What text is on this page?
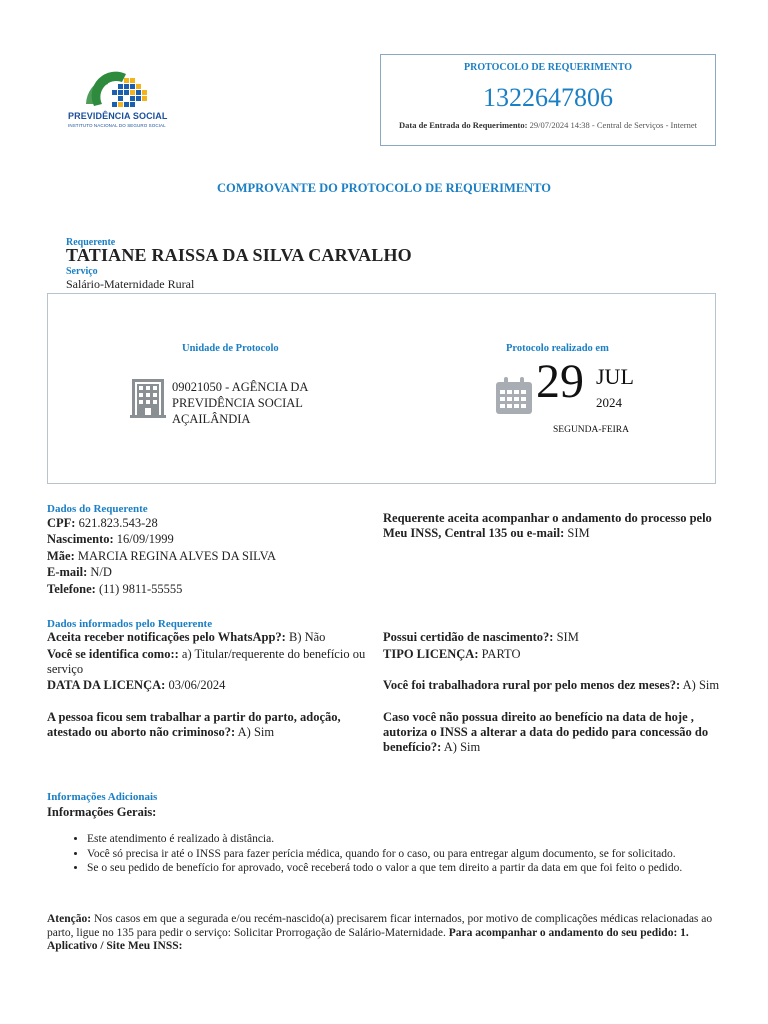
PREVIDÊNCIA SOCIAL
INSTITUTO NACIONAL DO SEGURO SOCIAL
PROTOCOLO DE REQUERIMENTO
1322647806
Data de Entrada do Requerimento: 29/07/2024 14:38 - Central de Serviços - Internet
COMPROVANTE DO PROTOCOLO DE REQUERIMENTO
Requerente
TATIANE RAISSA DA SILVA CARVALHO
Serviço
Salário-Maternidade Rural
Unidade de Protocolo
09021050 - AGÊNCIA DA PREVIDÊNCIA SOCIAL AÇAILÂNDIA
Protocolo realizado em
29 JUL
2024
SEGUNDA-FEIRA
Dados do Requerente
CPF: 621.823.543-28
Nascimento: 16/09/1999
Mãe: MARCIA REGINA ALVES DA SILVA
E-mail: N/D
Telefone: (11) 9811-55555
Requerente aceita acompanhar o andamento do processo pelo Meu INSS, Central 135 ou e-mail: SIM
Dados informados pelo Requerente
Aceita receber notificações pelo WhatsApp?: B) Não	Possui certidão de nascimento?: SIM
Você se identifica como:: a) Titular/requerente do benefício ou serviço
TIPO LICENÇA: PARTO
DATA DA LICENÇA: 03/06/2024	Você foi trabalhadora rural por pelo menos dez meses?: A) Sim
A pessoa ficou sem trabalhar a partir do parto, adoção, atestado ou aborto não criminoso?: A) Sim
Caso você não possua direito ao benefício na data de hoje , autoriza o INSS a alterar a data do pedido para concessão do benefício?: A) Sim
Informações Adicionais
Informações Gerais:
• Este atendimento é realizado à distância.
• Você só precisa ir até o INSS para fazer perícia médica, quando for o caso, ou para entregar algum documento, se for solicitado.
• Se o seu pedido de benefício for aprovado, você receberá todo o valor a que tem direito a partir da data em que foi feito o pedido.
Atenção: Nos casos em que a segurada e/ou recém-nascido(a) precisarem ficar internados, por motivo de complicações médicas relacionadas ao parto, ligue no 135 para pedir o serviço: Solicitar Prorrogação de Salário-Maternidade. Para acompanhar o andamento do seu pedido: 1. Aplicativo / Site Meu INSS:
